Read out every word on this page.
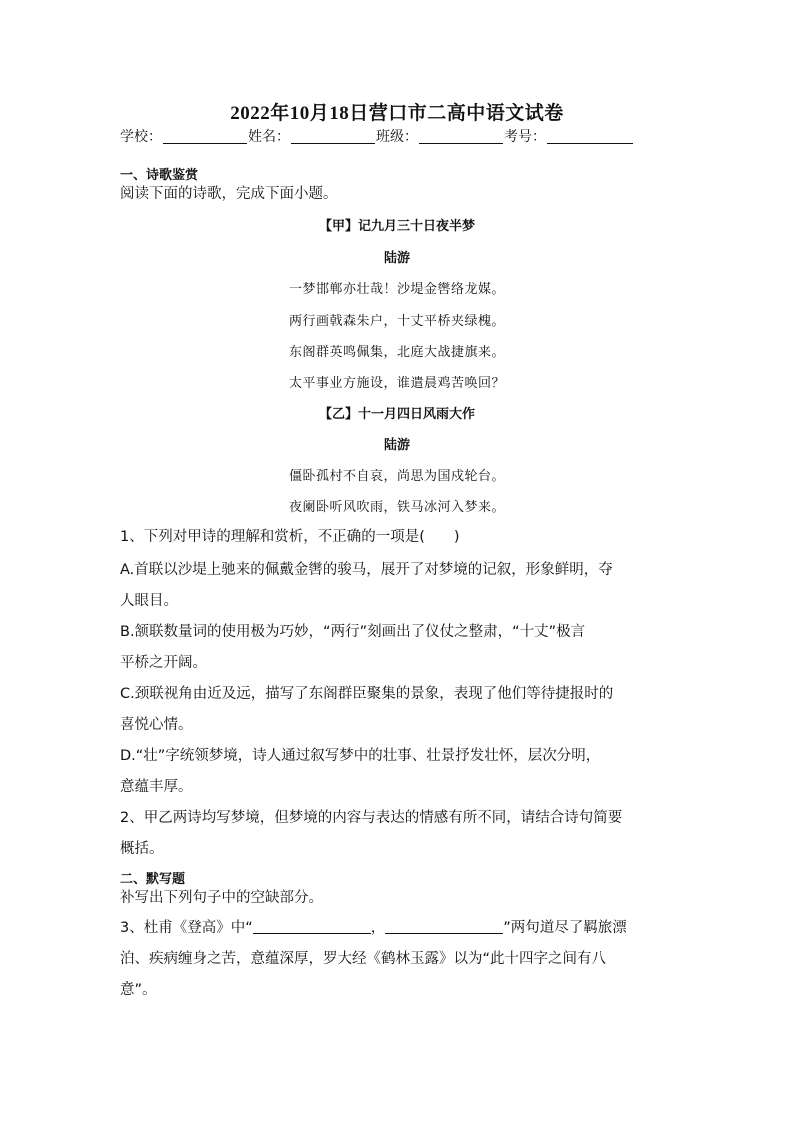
2022年10月18日营口市二高中语文试卷
学校：	姓名：	班级：	考号：
一、诗歌鉴赏
阅读下面的诗歌，完成下面小题。
【甲】记九月三十日夜半梦
陆游
一梦邯郸亦壮哉！沙堤金辔络龙媒。
两行画戟森朱户，十丈平桥夹绿槐。
东阁群英鸣佩集，北庭大战捷旗来。
太平事业方施设，谁遣晨鸡苦唤回？
【乙】十一月四日风雨大作
陆游
僵卧孤村不自哀，尚思为国戍轮台。
夜阑卧听风吹雨，铁马冰河入梦来。
1、下列对甲诗的理解和赏析，不正确的一项是(　　)
A.首联以沙堤上驰来的佩戴金辔的骏马，展开了对梦境的记叙，形象鲜明，夺
人眼目。
B.颔联数量词的使用极为巧妙，“两行”刻画出了仪仗之整肃，“十丈”极言
平桥之开阔。
C.颈联视角由近及远，描写了东阁群臣聚集的景象，表现了他们等待捷报时的
喜悦心情。
D.“壮”字统领梦境，诗人通过叙写梦中的壮事、壮景抒发壮怀，层次分明，
意蕴丰厚。
2、甲乙两诗均写梦境，但梦境的内容与表达的情感有所不同，请结合诗句简要
概括。
二、默写题
补写出下列句子中的空缺部分。
3、杜甫《登高》中“	，	”两句道尽了羁旅漂
泊、疾病缠身之苦，意蕴深厚，罗大经《鹤林玉露》以为“此十四字之间有八
意”。
